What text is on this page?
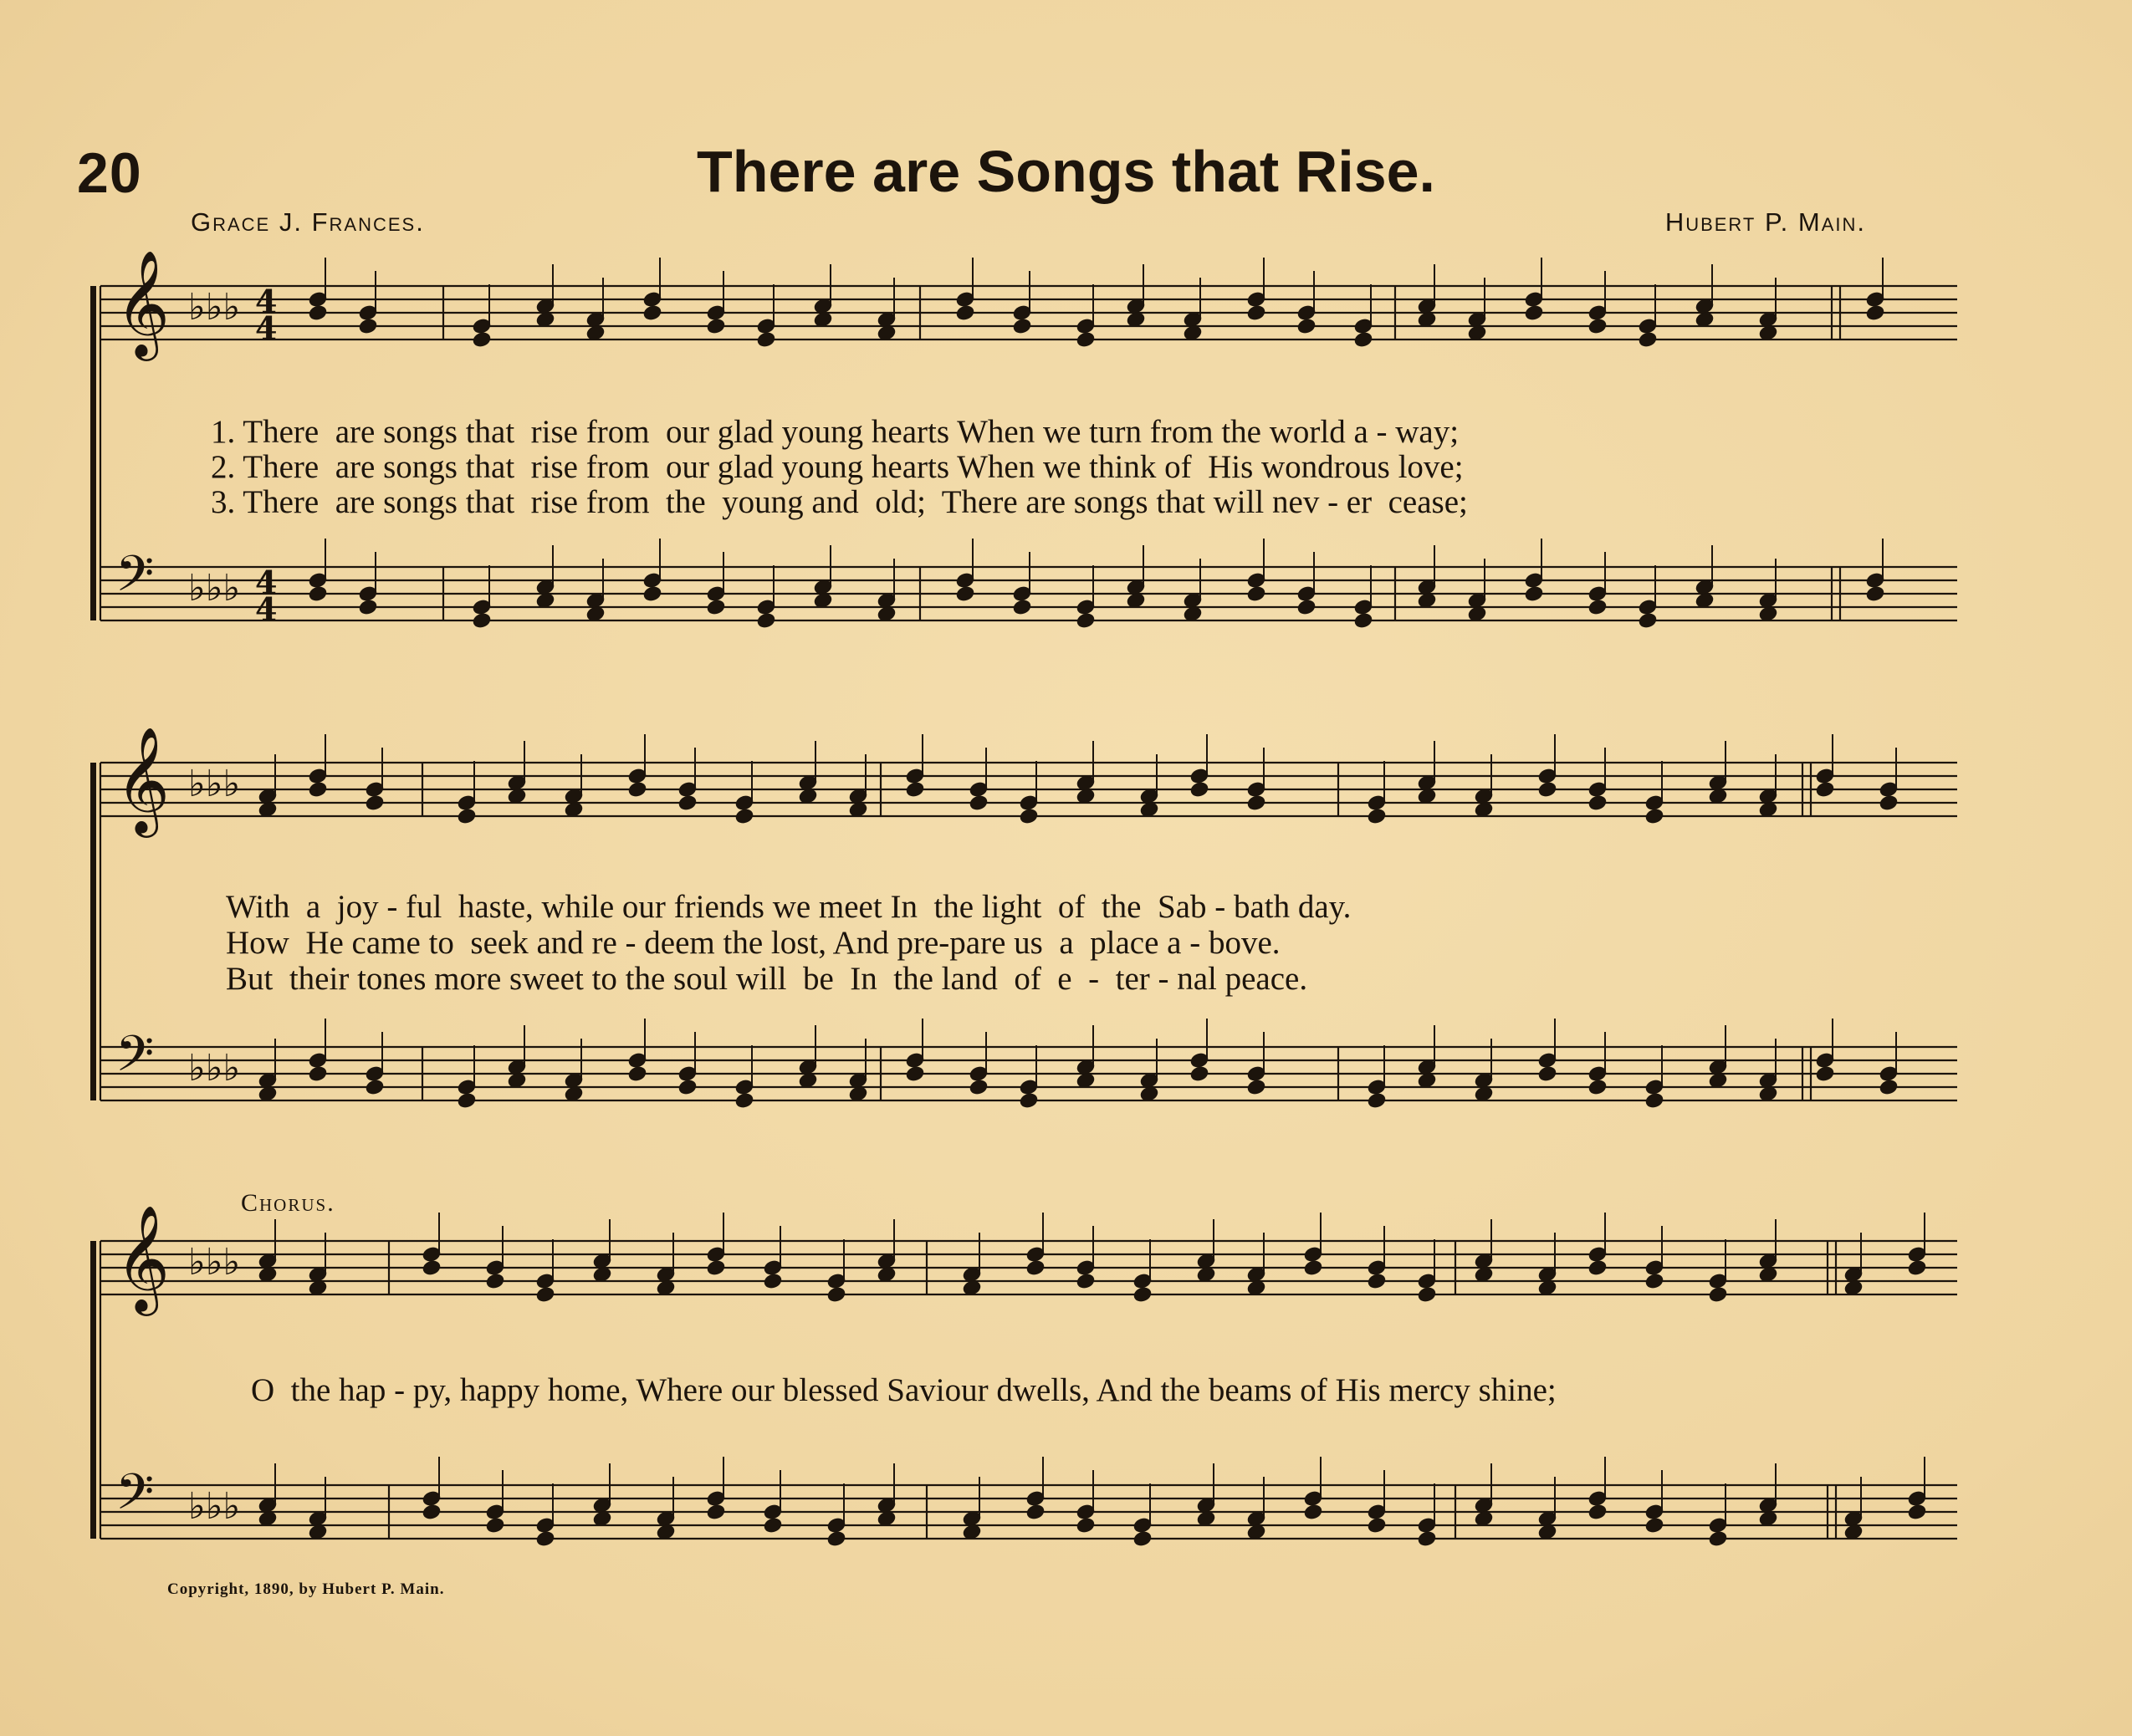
20	There are Songs that Rise.
Grace J. Frances.	Hubert P. Main.
𝄞 ♭♭♭ 4
4
𝄢 ♭♭♭ 4
4
𝄞 ♭♭♭
𝄢 ♭♭♭
𝄞 ♭♭♭
𝄢 ♭♭♭
1. There  are songs that  rise from  our glad young hearts When we turn from the world a - way;
2. There  are songs that  rise from  our glad young hearts When we think of  His wondrous love;
3. There  are songs that  rise from  the  young and  old;  There are songs that will nev - er  cease;
With  a  joy - ful  haste, while our friends we meet In  the light  of  the  Sab - bath day.
How  He came to  seek and re - deem the lost, And pre-pare us  a  place a - bove.
But  their tones more sweet to the soul will  be  In  the land  of  e  -  ter - nal peace.
Chorus.
O  the hap - py, happy home, Where our blessed Saviour dwells, And the beams of His mercy shine;
Copyright, 1890, by Hubert P. Main.
